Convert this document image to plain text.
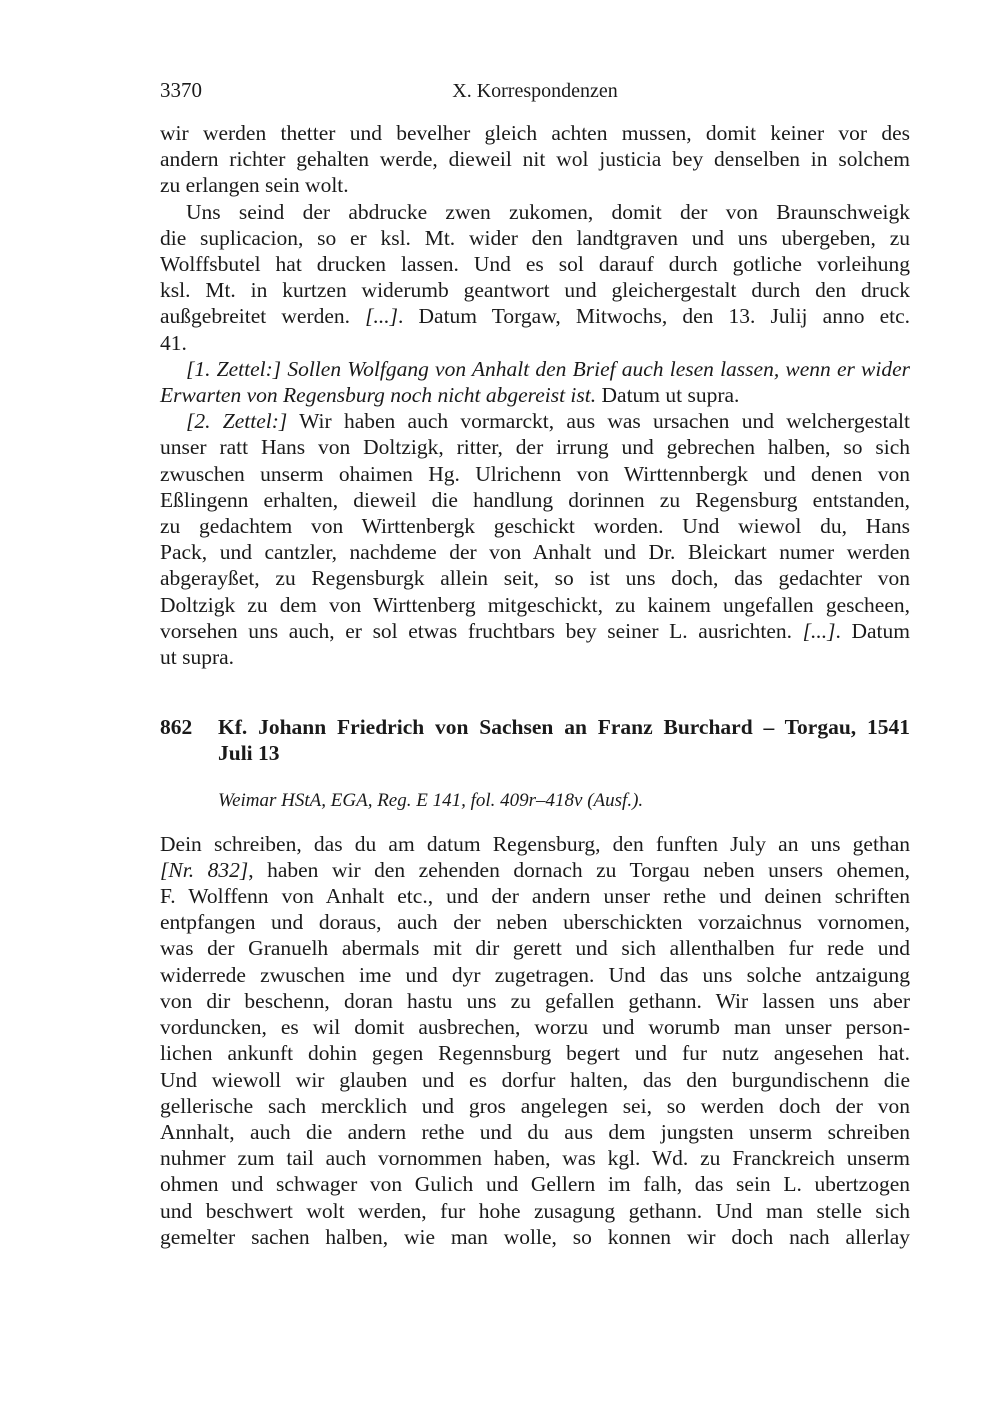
3370	X. Korrespondenzen
wir werden thetter und bevelher gleich achten mussen, domit keiner vor des
andern richter gehalten werde, dieweil nit wol justicia bey denselben in solchem
zu erlangen sein wolt.
Uns seind der abdrucke zwen zukomen, domit der von Braunschweigk
die suplicacion, so er ksl. Mt. wider den landtgraven und uns ubergeben, zu
Wolffsbutel hat drucken lassen. Und es sol darauf durch gotliche vorleihung
ksl. Mt. in kurtzen widerumb geantwort und gleichergestalt durch den druck
außgebreitet werden. [...]. Datum Torgaw, Mitwochs, den 13. Julij anno etc.
41.
[1. Zettel:] Sollen Wolfgang von Anhalt den Brief auch lesen lassen, wenn er wider
Erwarten von Regensburg noch nicht abgereist ist. Datum ut supra.
[2. Zettel:] Wir haben auch vormarckt, aus was ursachen und welchergestalt
unser ratt Hans von Doltzigk, ritter, der irrung und gebrechen halben, so sich
zwuschen unserm ohaimen Hg. Ulrichenn von Wirttennbergk und denen von
Eßlingenn erhalten, dieweil die handlung dorinnen zu Regensburg entstanden,
zu gedachtem von Wirttenbergk geschickt worden. Und wiewol du, Hans
Pack, und cantzler, nachdeme der von Anhalt und Dr. Bleickart numer werden
abgerayßet, zu Regensburgk allein seit, so ist uns doch, das gedachter von
Doltzigk zu dem von Wirttenberg mitgeschickt, zu kainem ungefallen gescheen,
vorsehen uns auch, er sol etwas fruchtbars bey seiner L. ausrichten. [...]. Datum
ut supra.
862 Kf. Johann Friedrich von Sachsen an Franz Burchard – Torgau, 1541
Juli 13
Weimar HStA, EGA, Reg. E 141, fol. 409r–418v (Ausf.).
Dein schreiben, das du am datum Regensburg, den funften July an uns gethan
[Nr. 832], haben wir den zehenden dornach zu Torgau neben unsers ohemen,
F. Wolffenn von Anhalt etc., und der andern unser rethe und deinen schriften
entpfangen und doraus, auch der neben uberschickten vorzaichnus vornomen,
was der Granuelh abermals mit dir gerett und sich allenthalben fur rede und
widerrede zwuschen ime und dyr zugetragen. Und das uns solche antzaigung
von dir beschenn, doran hastu uns zu gefallen gethann. Wir lassen uns aber
vorduncken, es wil domit ausbrechen, worzu und worumb man unser person-
lichen ankunft dohin gegen Regennsburg begert und fur nutz angesehen hat.
Und wiewoll wir glauben und es dorfur halten, das den burgundischenn die
gellerische sach mercklich und gros angelegen sei, so werden doch der von
Annhalt, auch die andern rethe und du aus dem jungsten unserm schreiben
nuhmer zum tail auch vornommen haben, was kgl. Wd. zu Franckreich unserm
ohmen und schwager von Gulich und Gellern im falh, das sein L. ubertzogen
und beschwert wolt werden, fur hohe zusagung gethann. Und man stelle sich
gemelter sachen halben, wie man wolle, so konnen wir doch nach allerlay
